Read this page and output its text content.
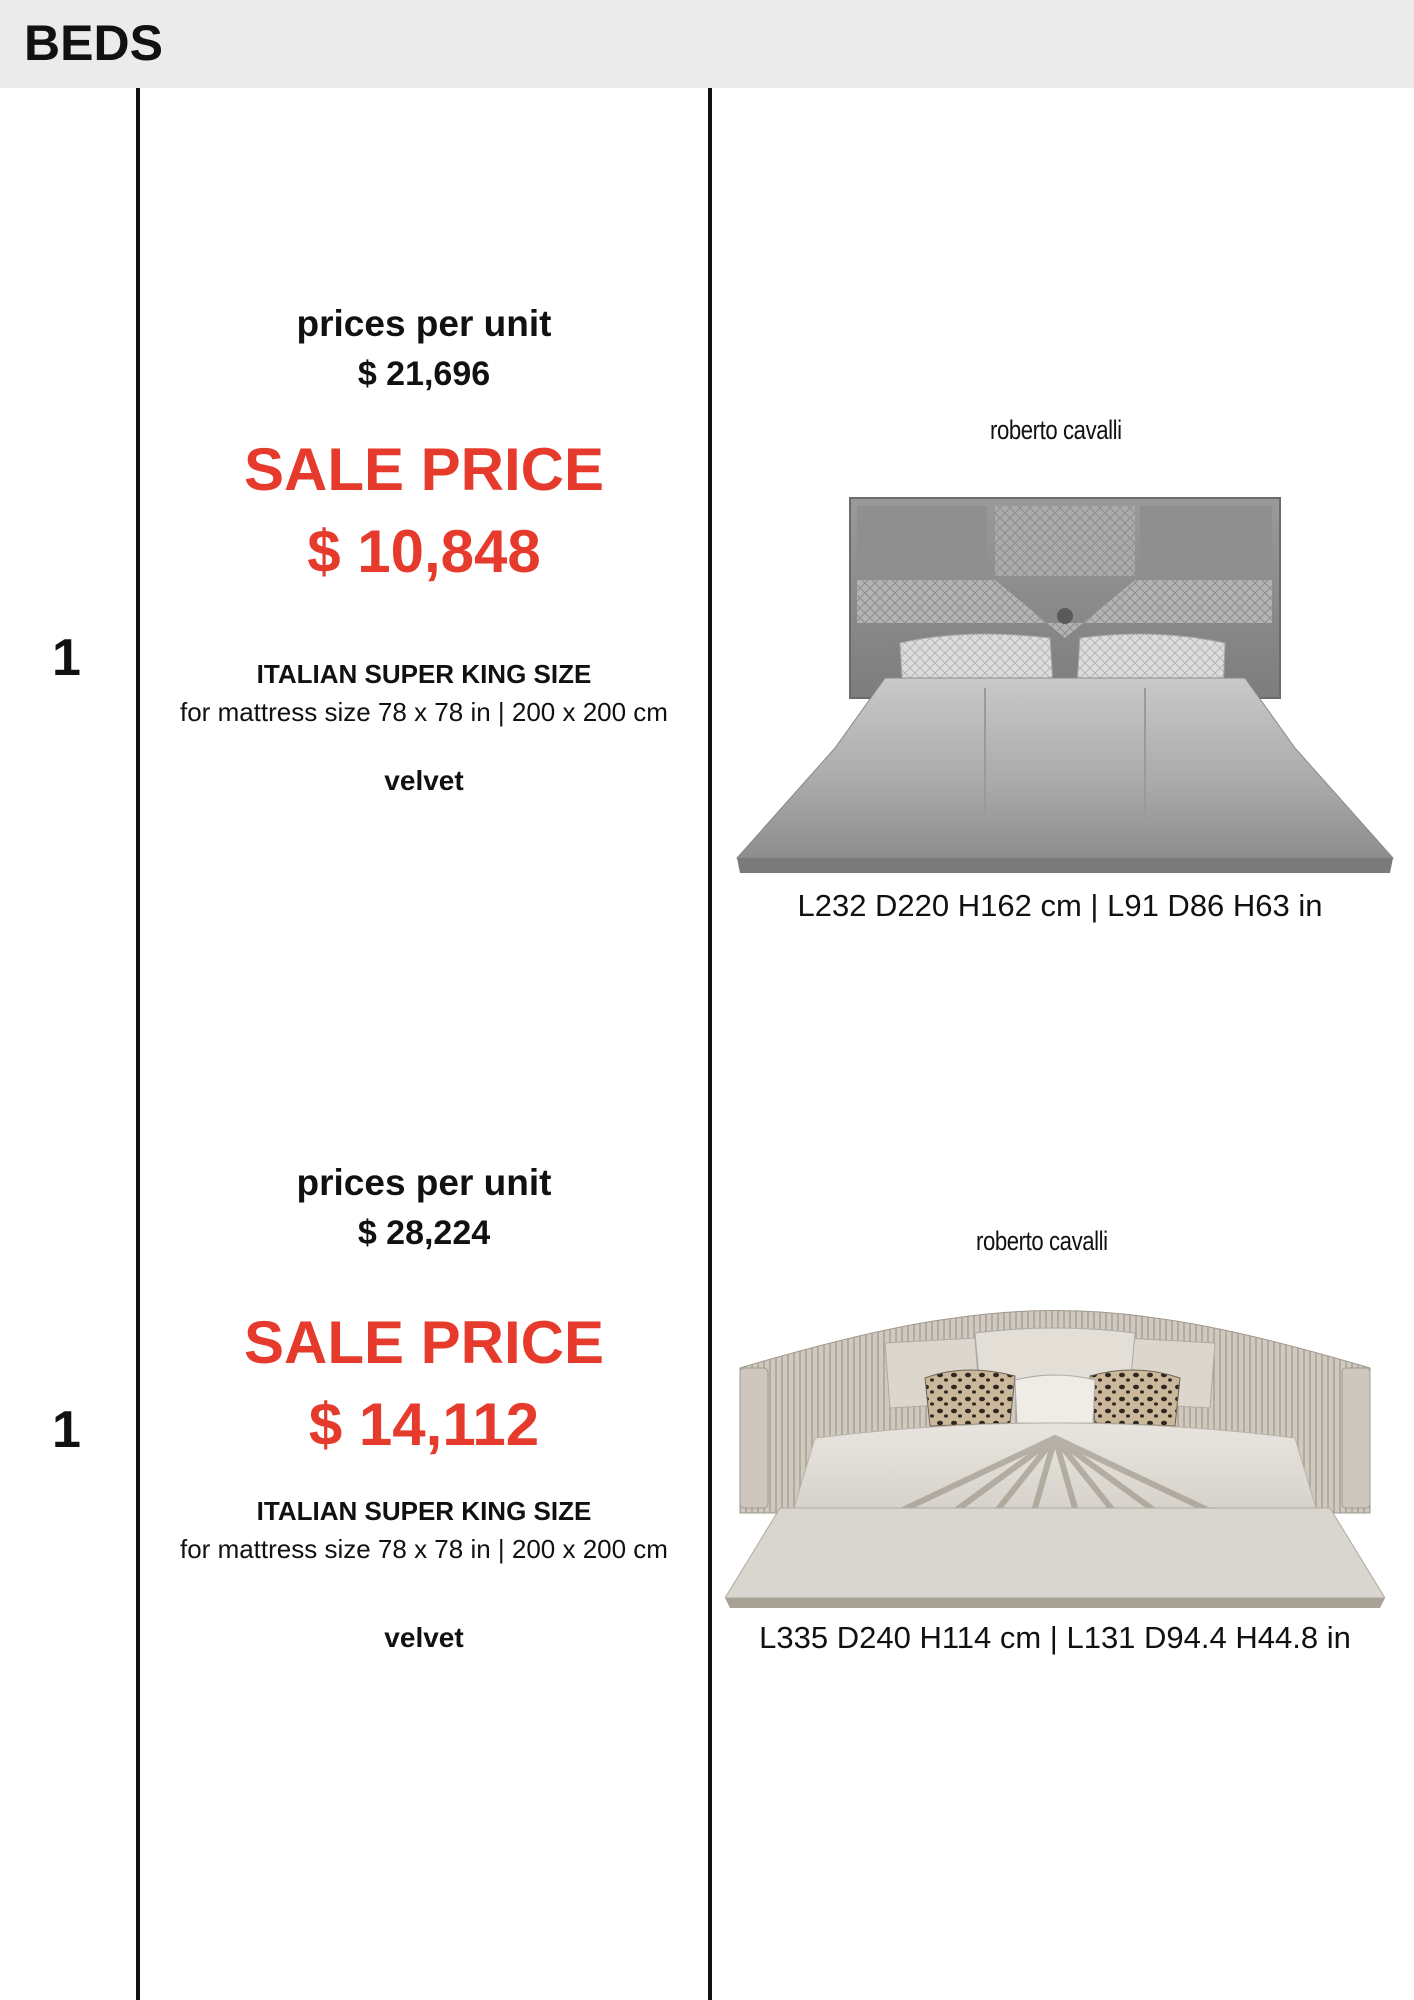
BEDS
1
prices per unit
$ 21,696
SALE PRICE
$ 10,848
ITALIAN SUPER KING SIZE
for mattress size 78 x 78 in | 200 x 200 cm
velvet
roberto cavalli
L232 D220 H162 cm | L91 D86 H63 in
1
prices per unit
$ 28,224
SALE PRICE
$ 14,112
ITALIAN SUPER KING SIZE
for mattress size 78 x 78 in | 200 x 200 cm
velvet
roberto cavalli
L335 D240 H114 cm | L131 D94.4 H44.8 in
